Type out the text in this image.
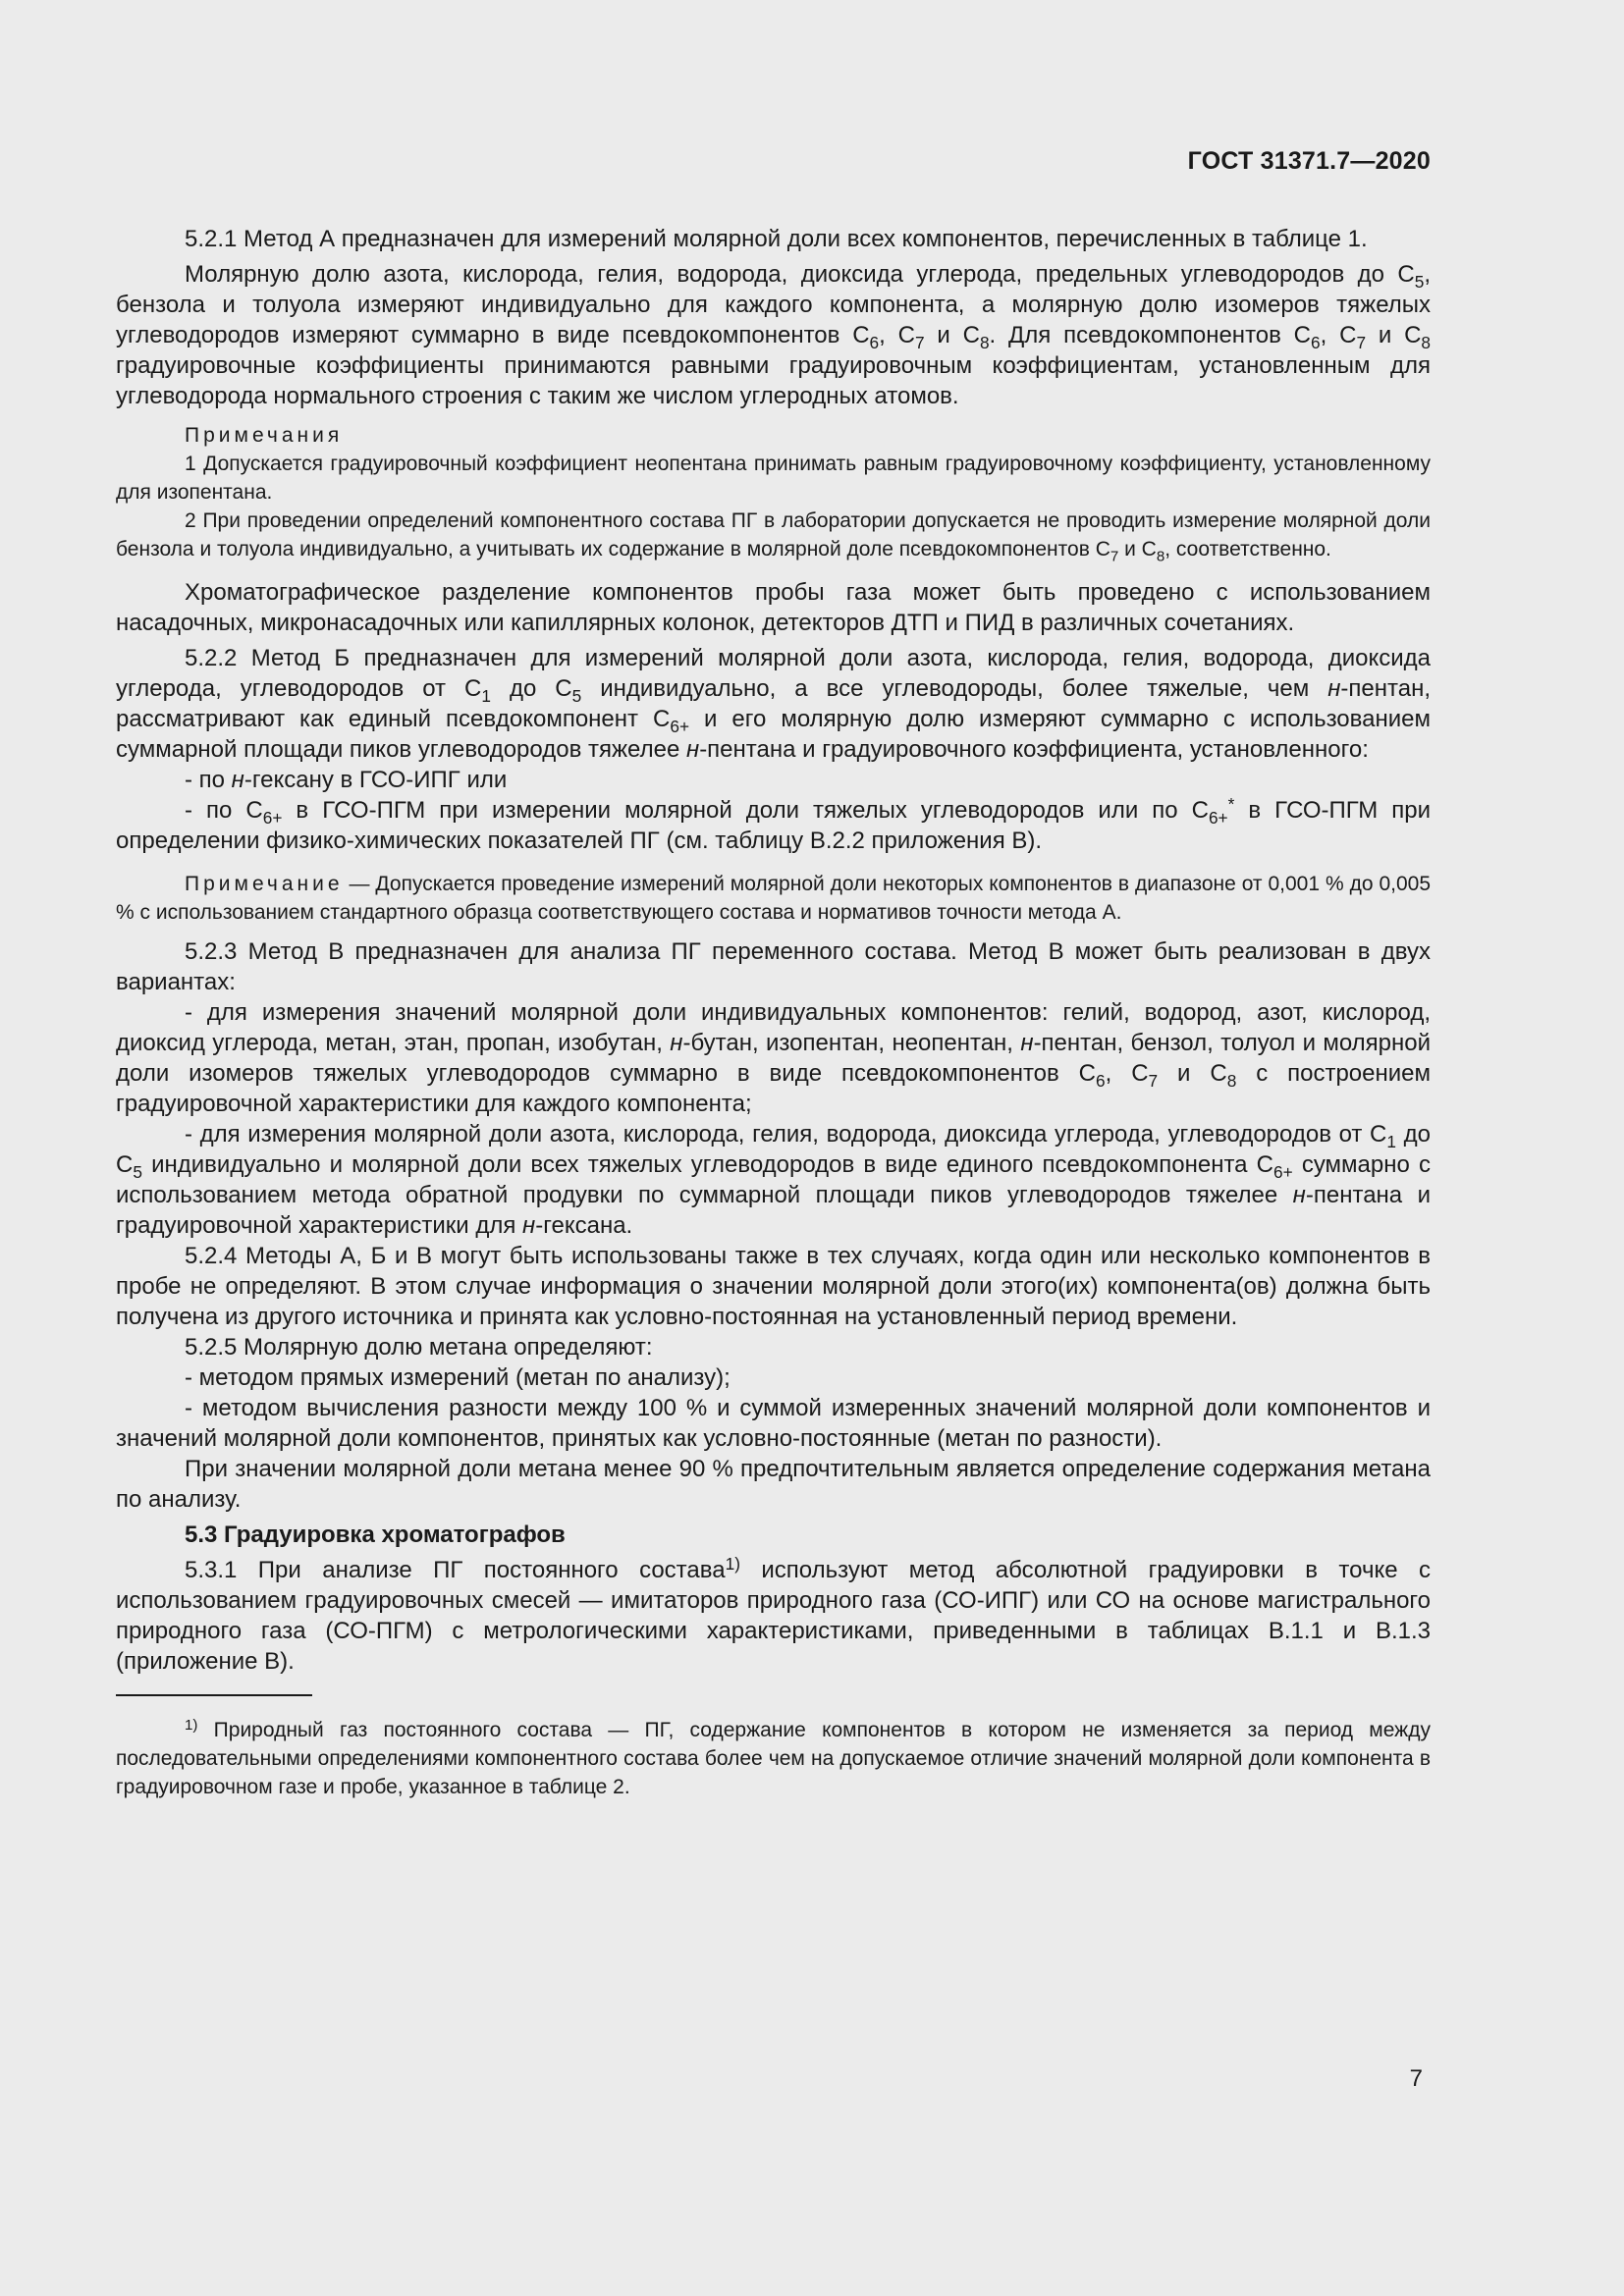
ГОСТ 31371.7—2020

5.2.1 Метод А предназначен для измерений молярной доли всех компонентов, перечисленных в таблице 1.

Молярную долю азота, кислорода, гелия, водорода, диоксида углерода, предельных углеводородов до $С_5$, бензола и толуола измеряют индивидуально для каждого компонента, а молярную долю изомеров тяжелых углеводородов измеряют суммарно в виде псевдокомпонентов $С_6$, $С_7$ и $С_8$. Для псевдокомпонентов $С_6$, $С_7$ и $С_8$ градуировочные коэффициенты принимаются равными градуировочным коэффициентам, установленным для углеводорода нормального строения с таким же числом углеродных атомов.

Примечания

1 Допускается градуировочный коэффициент неопентана принимать равным градуировочному коэффициенту, установленному для изопентана.

2 При проведении определений компонентного состава ПГ в лаборатории допускается не проводить измерение молярной доли бензола и толуола индивидуально, а учитывать их содержание в молярной доле псевдокомпонентов $С_7$ и $С_8$, соответственно.

Хроматографическое разделение компонентов пробы газа может быть проведено с использованием насадочных, микронасадочных или капиллярных колонок, детекторов ДТП и ПИД в различных сочетаниях.

5.2.2 Метод Б предназначен для измерений молярной доли азота, кислорода, гелия, водорода, диоксида углерода, углеводородов от $С_1$ до $С_5$ индивидуально, а все углеводороды, более тяжелые, чем н-пентан, рассматривают как единый псевдокомпонент $С_{6+}$ и его молярную долю измеряют суммарно с использованием суммарной площади пиков углеводородов тяжелее н-пентана и градуировочного коэффициента, установленного:

- по н-гексану в ГСО-ИПГ или

- по $С_{6+}$ в ГСО-ПГМ при измерении молярной доли тяжелых углеводородов или по $С_{6+}^*$ в ГСО-ПГМ при определении физико-химических показателей ПГ (см. таблицу В.2.2 приложения В).

Примечание — Допускается проведение измерений молярной доли некоторых компонентов в диапазоне от 0,001 % до 0,005 % с использованием стандартного образца соответствующего состава и нормативов точности метода А.

5.2.3 Метод В предназначен для анализа ПГ переменного состава. Метод В может быть реализован в двух вариантах:

- для измерения значений молярной доли индивидуальных компонентов: гелий, водород, азот, кислород, диоксид углерода, метан, этан, пропан, изобутан, н-бутан, изопентан, неопентан, н-пентан, бензол, толуол и молярной доли изомеров тяжелых углеводородов суммарно в виде псевдокомпонентов $С_6$, $С_7$ и $С_8$ с построением градуировочной характеристики для каждого компонента;

- для измерения молярной доли азота, кислорода, гелия, водорода, диоксида углерода, углеводородов от $С_1$ до $С_5$ индивидуально и молярной доли всех тяжелых углеводородов в виде единого псевдокомпонента $С_{6+}$ суммарно с использованием метода обратной продувки по суммарной площади пиков углеводородов тяжелее н-пентана и градуировочной характеристики для н-гексана.

5.2.4 Методы А, Б и В могут быть использованы также в тех случаях, когда один или несколько компонентов в пробе не определяют. В этом случае информация о значении молярной доли этого(их) компонента(ов) должна быть получена из другого источника и принята как условно-постоянная на установленный период времени.

5.2.5 Молярную долю метана определяют:

- методом прямых измерений (метан по анализу);

- методом вычисления разности между 100 % и суммой измеренных значений молярной доли компонентов и значений молярной доли компонентов, принятых как условно-постоянные (метан по разности).

При значении молярной доли метана менее 90 % предпочтительным является определение содержания метана по анализу.

5.3 Градуировка хроматографов

5.3.1 При анализе ПГ постоянного состава$^{1)}$ используют метод абсолютной градуировки в точке с использованием градуировочных смесей — имитаторов природного газа (СО-ИПГ) или СО на основе магистрального природного газа (СО-ПГМ) с метрологическими характеристиками, приведенными в таблицах В.1.1 и В.1.3 (приложение В).

$^{1)}$ Природный газ постоянного состава — ПГ, содержание компонентов в котором не изменяется за период между последовательными определениями компонентного состава более чем на допускаемое отличие значений молярной доли компонента в градуировочном газе и пробе, указанное в таблице 2.

7
